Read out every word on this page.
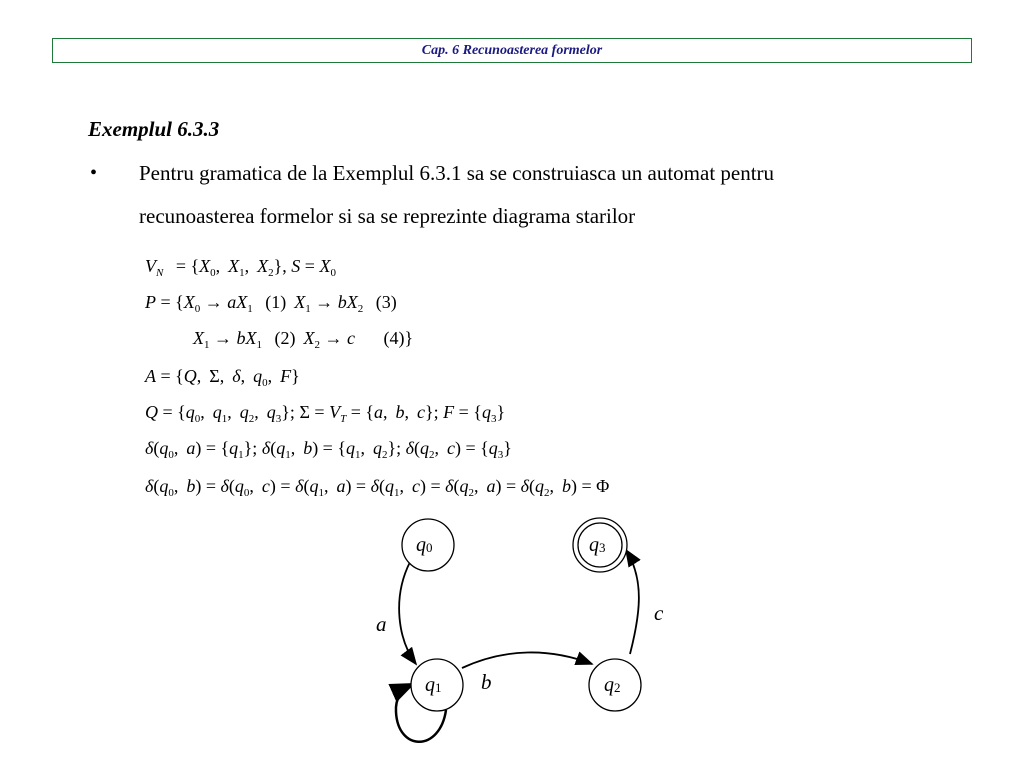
Cap. 6 Recunoasterea formelor
Exemplul 6.3.3
• Pentru gramatica de la Exemplul 6.3.1 sa se construiasca un automat pentru
recunoasterea formelor si sa se reprezinte diagrama starilor
$V_N = \{X_0$, $X_1$, $X_2$}, $S = X_0$
$P = \{X_0 \to aX_1$ (1) $X_1 \to bX_2$ (3)
$X_1 \to bX_1$ (2) $X_2 \to c$ (4)}
A = {Q, Σ, δ, $q_0$, F}
$Q = \{q_0$, $q_1$, $q_2$, $q_3$}; $\Sigma = V_T = \{a$, b, c}; $F = \{q_3\}$
$\delta(q_0$, $a) = \{q_1\}$; $\delta(q_1$, $b) = \{q_1$, $q_2$}; $\delta(q_2$, $c) = \{q_3\}$
$\delta(q_0$, $b) = \delta(q_0$, $c) = \delta(q_1$, $a) = \delta(q_1$, $c) = \delta(q_2$, $a) = \delta(q_2$, b) = Φ
q0	q3
q1	q2
a
b
c
